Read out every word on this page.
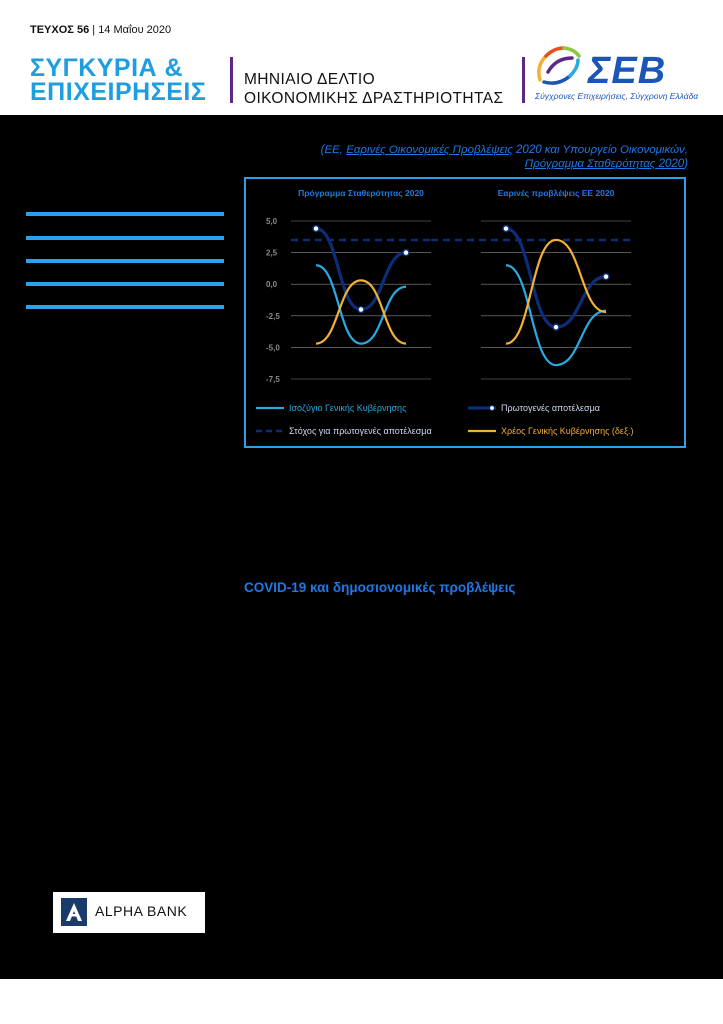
ΤΕΥΧΟΣ 56 | 14 Μαΐου 2020
ΣΥΓΚΥΡΙΑ &
ΕΠΙΧΕΙΡΗΣΕΙΣ ΜΗΝΙΑΙΟ ΔΕΛΤΙΟ
ΟΙΚΟΝΟΜΙΚΗΣ ΔΡΑΣΤΗΡΙΟΤΗΤΑΣ
ΣΕΒ
Σύγχρονες Επιχειρήσεις, Σύγχρονη Ελλάδα
(ΕΕ, Εαρινές Οικονομικές Προβλέψεις 2020 και Υπουργείο Οικονομικών, Πρόγραμμα Σταθερότητας 2020)
5,0
2,5
0,0
-2,5
-5,0
-7,5
Πρόγραμμα Σταθερότητας 2020	Εαρινές προβλέψεις ΕΕ 2020
Ισοζύγιο Γενικής Κυβέρνησης	Πρωτογενές αποτέλεσμα
Στόχος για πρωτογενές αποτέλεσμα	Χρέος Γενικής Κυβέρνησης (δεξ.)
COVID-19 και δημοσιονομικές προβλέψεις
ALPHA BANK
